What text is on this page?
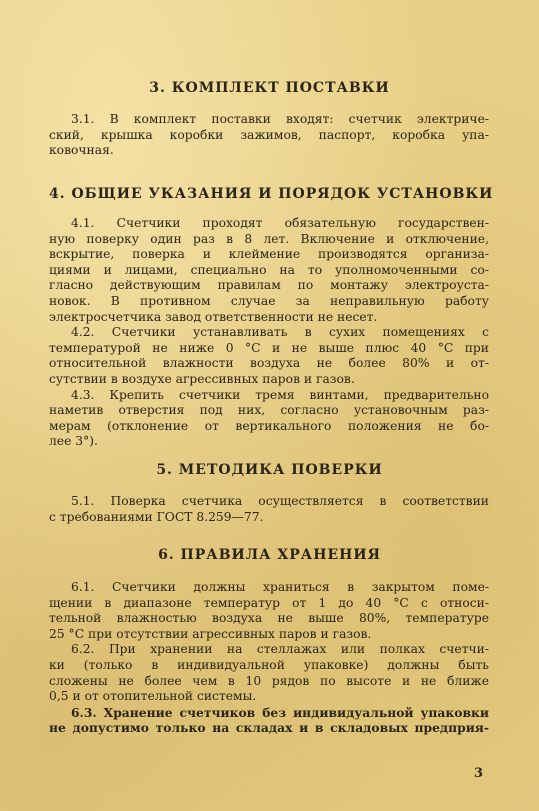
3. КОМПЛЕКТ ПОСТАВКИ
3.1. В комплект поставки входят: счетчик электриче-
ский, крышка коробки зажимов, паспорт, коробка упа-
ковочная.
4. ОБЩИЕ УКАЗАНИЯ И ПОРЯДОК УСТАНОВКИ
4.1. Счетчики проходят обязательную государствен-
ную поверку один раз в 8 лет. Включение и отключение,
вскрытие, поверка и клеймение производятся организа-
циями и лицами, специально на то уполномоченными со-
гласно действующим правилам по монтажу электроуста-
новок. В противном случае за неправильную работу
электросчетчика завод ответственности не несет.
4.2. Счетчики устанавливать в сухих помещениях с
температурой не ниже 0 °С и не выше плюс 40 °С при
относительной влажности воздуха не более 80% и от-
сутствии в воздухе агрессивных паров и газов.
4.3. Крепить счетчики тремя винтами, предварительно
наметив отверстия под них, согласно установочным раз-
мерам (отклонение от вертикального положения не бо-
лее 3°).
5. МЕТОДИКА ПОВЕРКИ
5.1. Поверка счетчика осуществляется в соответствии
с требованиями ГОСТ 8.259—77.
6. ПРАВИЛА ХРАНЕНИЯ
6.1. Счетчики должны храниться в закрытом поме-
щении в диапазоне температур от 1 до 40 °С с относи-
тельной влажностью воздуха не выше 80%, температуре
25 °С при отсутствии агрессивных паров и газов.
6.2. При хранении на стеллажах или полках счетчи-
ки (только в индивидуальной упаковке) должны быть
сложены не более чем в 10 рядов по высоте и не ближе
0,5 и от отопительной системы.
6.3. Хранение счетчиков без индивидуальной упаковки
не допустимо только на складах и в складовых предприя-
3
